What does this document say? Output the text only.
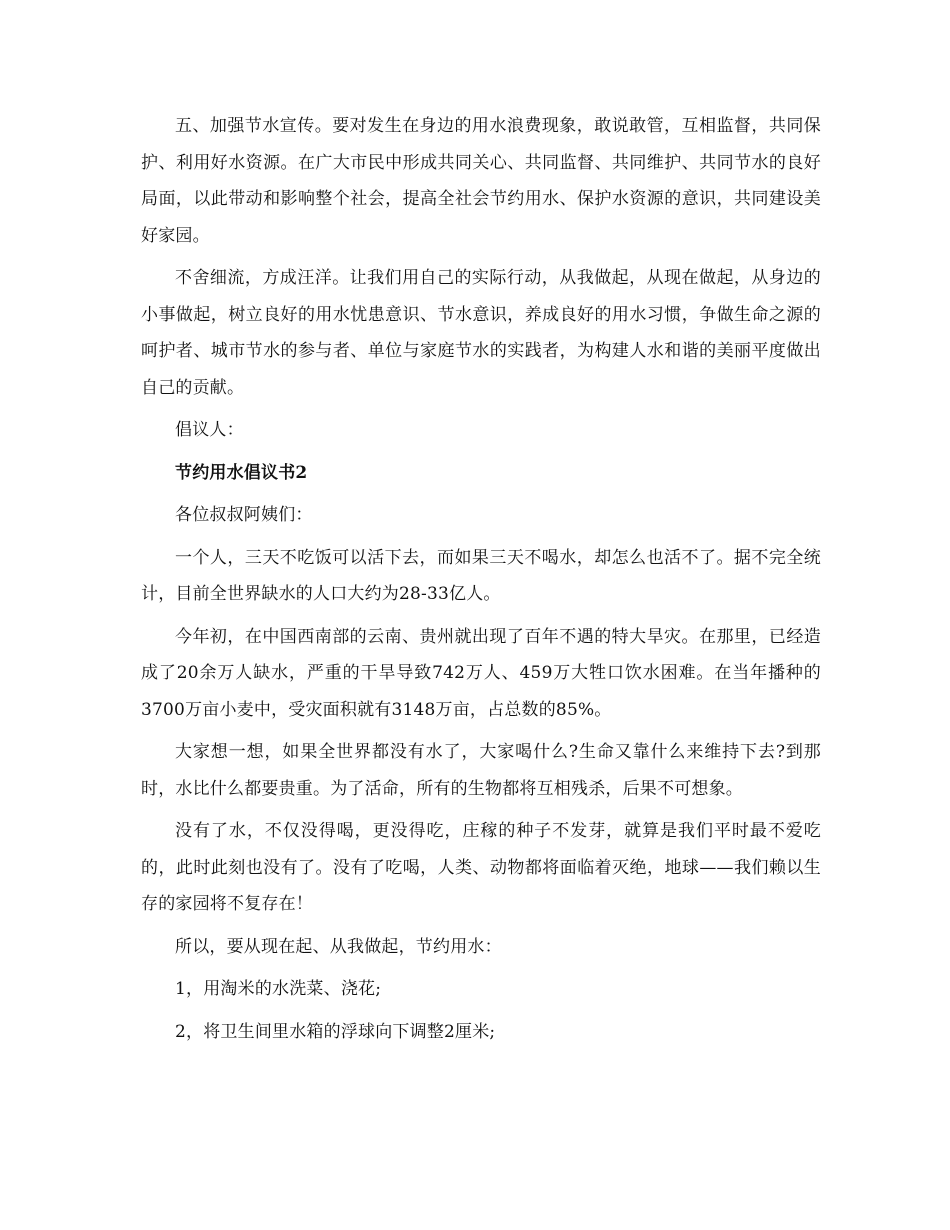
五、加强节水宣传。要对发生在身边的用水浪费现象，敢说敢管，互相监督，共同保护、利用好水资源。在广大市民中形成共同关心、共同监督、共同维护、共同节水的良好局面，以此带动和影响整个社会，提高全社会节约用水、保护水资源的意识，共同建设美好家园。

不舍细流，方成汪洋。让我们用自己的实际行动，从我做起，从现在做起，从身边的小事做起，树立良好的用水忧患意识、节水意识，养成良好的用水习惯，争做生命之源的呵护者、城市节水的参与者、单位与家庭节水的实践者，为构建人水和谐的美丽平度做出自己的贡献。

倡议人：

节约用水倡议书2

各位叔叔阿姨们：

一个人，三天不吃饭可以活下去，而如果三天不喝水，却怎么也活不了。据不完全统计，目前全世界缺水的人口大约为28-33亿人。

今年初，在中国西南部的云南、贵州就出现了百年不遇的特大旱灾。在那里，已经造成了20余万人缺水，严重的干旱导致742万人、459万大牲口饮水困难。在当年播种的3700万亩小麦中，受灾面积就有3148万亩，占总数的85%。

大家想一想，如果全世界都没有水了，大家喝什么?生命又靠什么来维持下去?到那时，水比什么都要贵重。为了活命，所有的生物都将互相残杀，后果不可想象。

没有了水，不仅没得喝，更没得吃，庄稼的种子不发芽，就算是我们平时最不爱吃的，此时此刻也没有了。没有了吃喝，人类、动物都将面临着灭绝，地球——我们赖以生存的家园将不复存在！

所以，要从现在起、从我做起，节约用水：

1，用淘米的水洗菜、浇花;

2，将卫生间里水箱的浮球向下调整2厘米;
